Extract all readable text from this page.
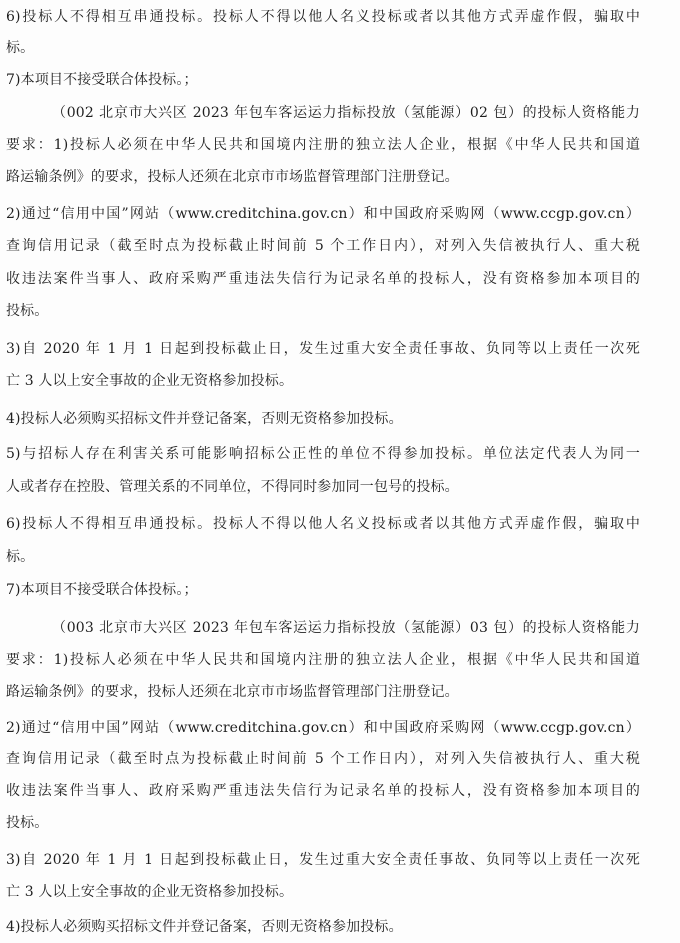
6)投标人不得相互串通投标。投标人不得以他人名义投标或者以其他方式弄虚作假，骗取中
标。
7)本项目不接受联合体投标。；
（002 北京市大兴区 2023 年包车客运运力指标投放（氢能源）02 包）的投标人资格能力
要求：1)投标人必须在中华人民共和国境内注册的独立法人企业，根据《中华人民共和国道
路运输条例》的要求，投标人还须在北京市市场监督管理部门注册登记。
2)通过“信用中国”网站（www.creditchina.gov.cn）和中国政府采购网（www.ccgp.gov.cn）
查询信用记录（截至时点为投标截止时间前 5 个工作日内），对列入失信被执行人、重大税
收违法案件当事人、政府采购严重违法失信行为记录名单的投标人，没有资格参加本项目的
投标。
3)自 2020 年 1 月 1 日起到投标截止日，发生过重大安全责任事故、负同等以上责任一次死
亡 3 人以上安全事故的企业无资格参加投标。
4)投标人必须购买招标文件并登记备案，否则无资格参加投标。
5)与招标人存在利害关系可能影响招标公正性的单位不得参加投标。单位法定代表人为同一
人或者存在控股、管理关系的不同单位，不得同时参加同一包号的投标。
6)投标人不得相互串通投标。投标人不得以他人名义投标或者以其他方式弄虚作假，骗取中
标。
7)本项目不接受联合体投标。；
（003 北京市大兴区 2023 年包车客运运力指标投放（氢能源）03 包）的投标人资格能力
要求：1)投标人必须在中华人民共和国境内注册的独立法人企业，根据《中华人民共和国道
路运输条例》的要求，投标人还须在北京市市场监督管理部门注册登记。
2)通过“信用中国”网站（www.creditchina.gov.cn）和中国政府采购网（www.ccgp.gov.cn）
查询信用记录（截至时点为投标截止时间前 5 个工作日内），对列入失信被执行人、重大税
收违法案件当事人、政府采购严重违法失信行为记录名单的投标人，没有资格参加本项目的
投标。
3)自 2020 年 1 月 1 日起到投标截止日，发生过重大安全责任事故、负同等以上责任一次死
亡 3 人以上安全事故的企业无资格参加投标。
4)投标人必须购买招标文件并登记备案，否则无资格参加投标。
